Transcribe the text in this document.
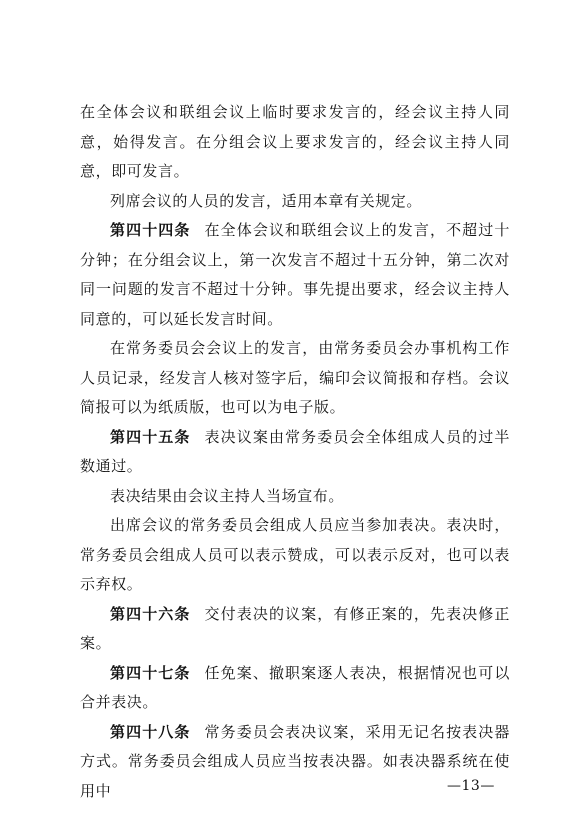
在全体会议和联组会议上临时要求发言的，经会议主持人同意，始得发言。在分组会议上要求发言的，经会议主持人同意，即可发言。

列席会议的人员的发言，适用本章有关规定。

第四十四条 在全体会议和联组会议上的发言，不超过十分钟；在分组会议上，第一次发言不超过十五分钟，第二次对同一问题的发言不超过十分钟。事先提出要求，经会议主持人同意的，可以延长发言时间。

在常务委员会会议上的发言，由常务委员会办事机构工作人员记录，经发言人核对签字后，编印会议简报和存档。会议简报可以为纸质版，也可以为电子版。

第四十五条 表决议案由常务委员会全体组成人员的过半数通过。

表决结果由会议主持人当场宣布。

出席会议的常务委员会组成人员应当参加表决。表决时，常务委员会组成人员可以表示赞成，可以表示反对，也可以表示弃权。

第四十六条 交付表决的议案，有修正案的，先表决修正案。

第四十七条 任免案、撤职案逐人表决，根据情况也可以合并表决。

第四十八条 常务委员会表决议案，采用无记名按表决器方式。常务委员会组成人员应当按表决器。如表决器系统在使用中	—13—
